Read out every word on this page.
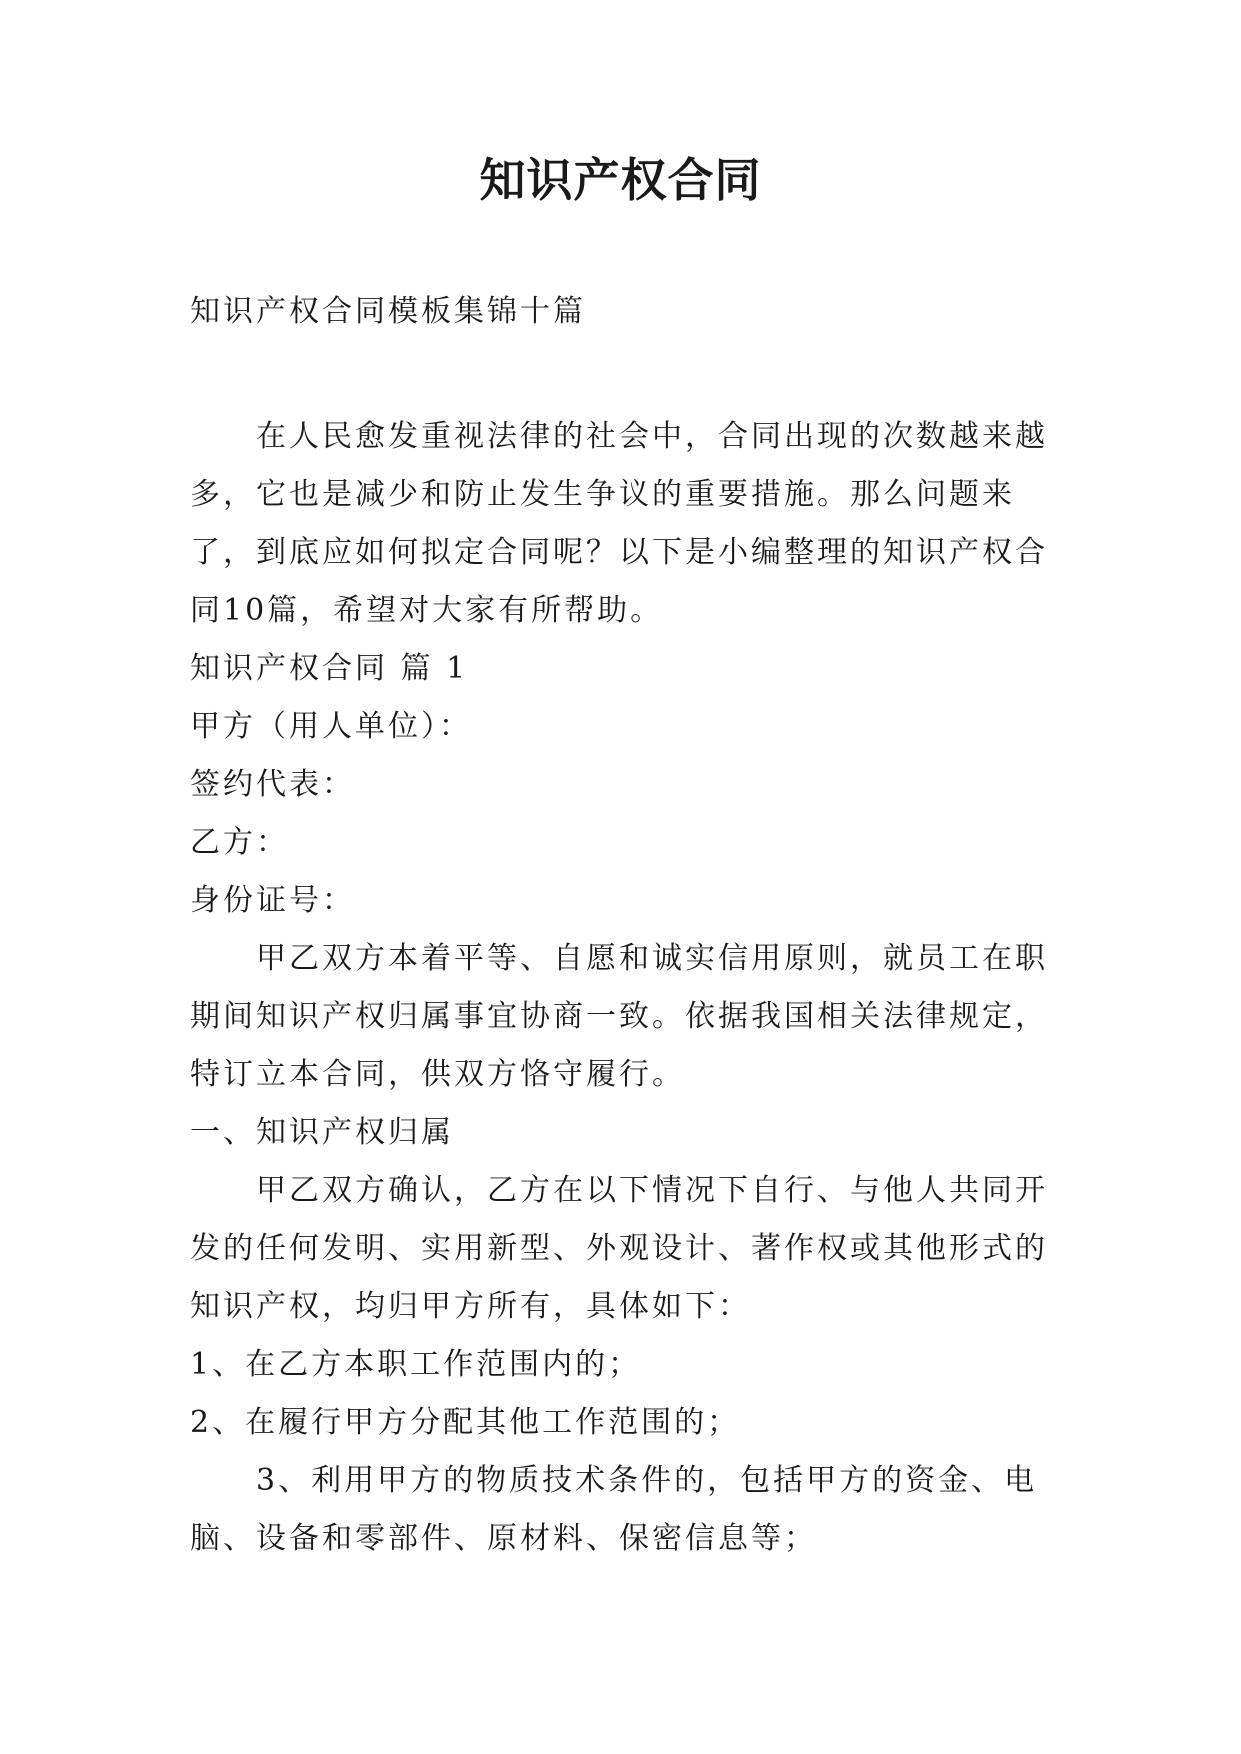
知识产权合同
知识产权合同模板集锦十篇

在人民愈发重视法律的社会中，合同出现的次数越来越多，它也是减少和防止发生争议的重要措施。那么问题来了，到底应如何拟定合同呢？以下是小编整理的知识产权合同10篇，希望对大家有所帮助。

知识产权合同 篇 1

甲方（用人单位）：

签约代表：

乙方：

身份证号：

甲乙双方本着平等、自愿和诚实信用原则，就员工在职期间知识产权归属事宜协商一致。依据我国相关法律规定，特订立本合同，供双方恪守履行。

一、知识产权归属

甲乙双方确认，乙方在以下情况下自行、与他人共同开发的任何发明、实用新型、外观设计、著作权或其他形式的知识产权，均归甲方所有，具体如下：

1、在乙方本职工作范围内的；

2、在履行甲方分配其他工作范围的；

3、利用甲方的物质技术条件的，包括甲方的资金、电脑、设备和零部件、原材料、保密信息等；
